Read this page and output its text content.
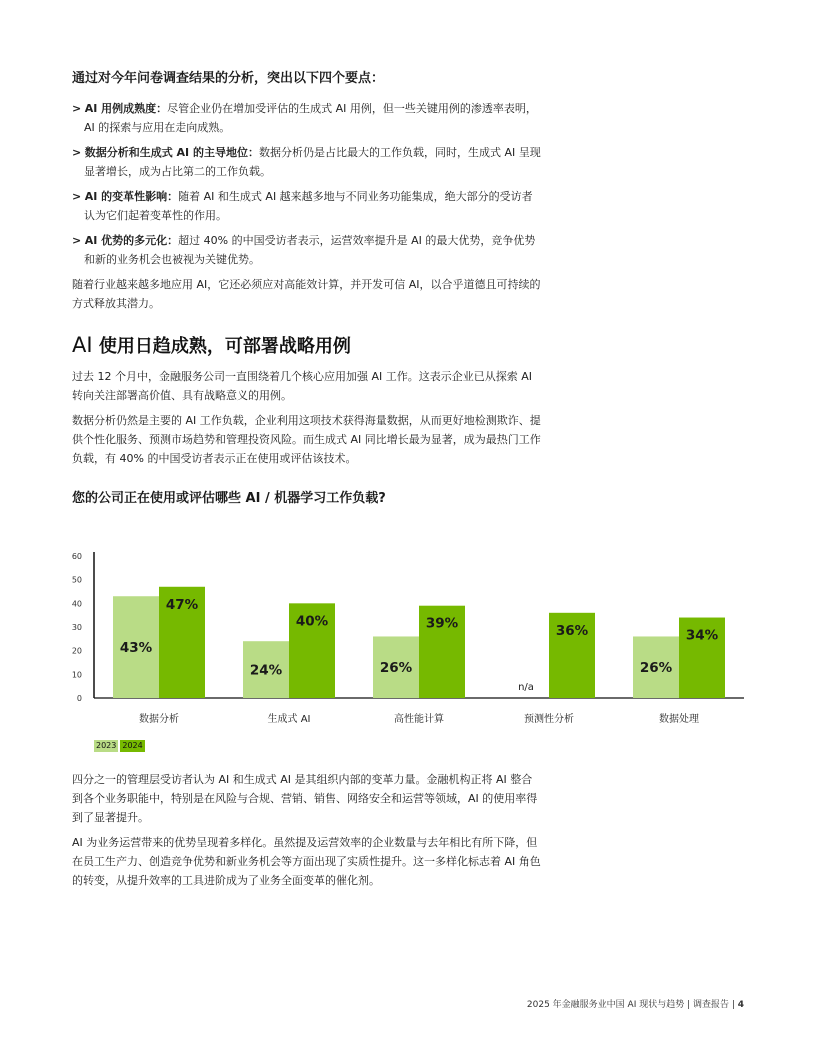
通过对今年问卷调查结果的分析，突出以下四个要点：

> AI 用例成熟度：尽管企业仍在增加受评估的生成式 AI 用例，但一些关键用例的渗透率表明，AI 的探索与应用在走向成熟。

> 数据分析和生成式 AI 的主导地位：数据分析仍是占比最大的工作负载，同时，生成式 AI 呈现显著增长，成为占比第二的工作负载。

> AI 的变革性影响：随着 AI 和生成式 AI 越来越多地与不同业务功能集成，绝大部分的受访者认为它们起着变革性的作用。

> AI 优势的多元化：超过 40% 的中国受访者表示，运营效率提升是 AI 的最大优势，竞争优势和新的业务机会也被视为关键优势。

随着行业越来越多地应用 AI，它还必须应对高能效计算，并开发可信 AI，以合乎道德且可持续的方式释放其潜力。

AI 使用日趋成熟，可部署战略用例

过去 12 个月中，金融服务公司一直围绕着几个核心应用加强 AI 工作。这表示企业已从探索 AI 转向关注部署高价值、具有战略意义的用例。

数据分析仍然是主要的 AI 工作负载，企业利用这项技术获得海量数据，从而更好地检测欺诈、提供个性化服务、预测市场趋势和管理投资风险。而生成式 AI 同比增长最为显著，成为最热门工作负载，有 40% 的中国受访者表示正在使用或评估该技术。

您的公司正在使用或评估哪些 AI / 机器学习工作负载?

0
10
20
30
40
50
60
43%
47%
数据分析
24%
40%
生成式 AI
26%
39%
高性能计算
n/a
36%
预测性分析
26%
34%
数据处理
2023 2024

四分之一的管理层受访者认为 AI 和生成式 AI 是其组织内部的变革力量。金融机构正将 AI 整合到各个业务职能中，特别是在风险与合规、营销、销售、网络安全和运营等领域，AI 的使用率得到了显著提升。

AI 为业务运营带来的优势呈现着多样化。虽然提及运营效率的企业数量与去年相比有所下降，但在员工生产力、创造竞争优势和新业务机会等方面出现了实质性提升。这一多样化标志着 AI 角色的转变，从提升效率的工具进阶成为了业务全面变革的催化剂。

2025 年金融服务业中国 AI 现状与趋势 | 调查报告 | 4
